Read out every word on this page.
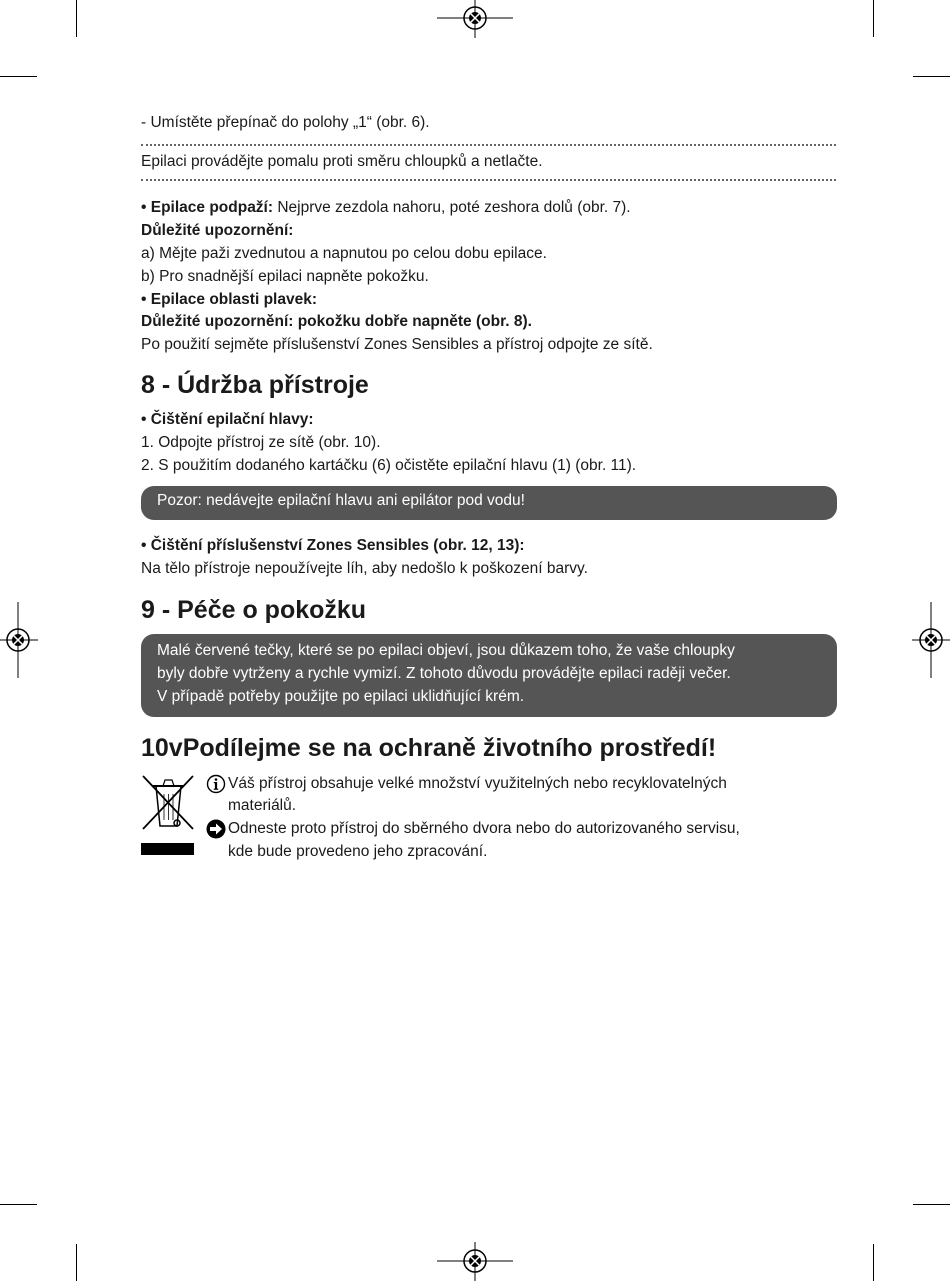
- Umístěte přepínač do polohy „1“ (obr. 6).
Epilaci provádějte pomalu proti směru chloupků a netlačte.
• Epilace podpaží: Nejprve zezdola nahoru, poté zeshora dolů (obr. 7).
Důležité upozornění:
a) Mějte paži zvednutou a napnutou po celou dobu epilace.
b) Pro snadnější epilaci napněte pokožku.
• Epilace oblasti plavek:
Důležité upozornění: pokožku dobře napněte (obr. 8).
Po použití sejměte příslušenství Zones Sensibles a přístroj odpojte ze sítě.
8 - Údržba přístroje
• Čištění epilační hlavy:
1. Odpojte přístroj ze sítě (obr. 10).
2. S použitím dodaného kartáčku (6) očistěte epilační hlavu (1) (obr. 11).
Pozor: nedávejte epilační hlavu ani epilátor pod vodu!
• Čištění příslušenství Zones Sensibles (obr. 12, 13):
Na tělo přístroje nepoužívejte líh, aby nedošlo k poškození barvy.
9 - Péče o pokožku
Malé červené tečky, které se po epilaci objeví, jsou důkazem toho, že vaše chloupky
byly dobře vytrženy a rychle vymizí. Z tohoto důvodu provádějte epilaci raději večer.
V případě potřeby použijte po epilaci uklidňující krém.
10vPodílejme se na ochraně životního prostředí!
Váš přístroj obsahuje velké množství využitelných nebo recyklovatelných
materiálů.
Odneste proto přístroj do sběrného dvora nebo do autorizovaného servisu,
kde bude provedeno jeho zpracování.
